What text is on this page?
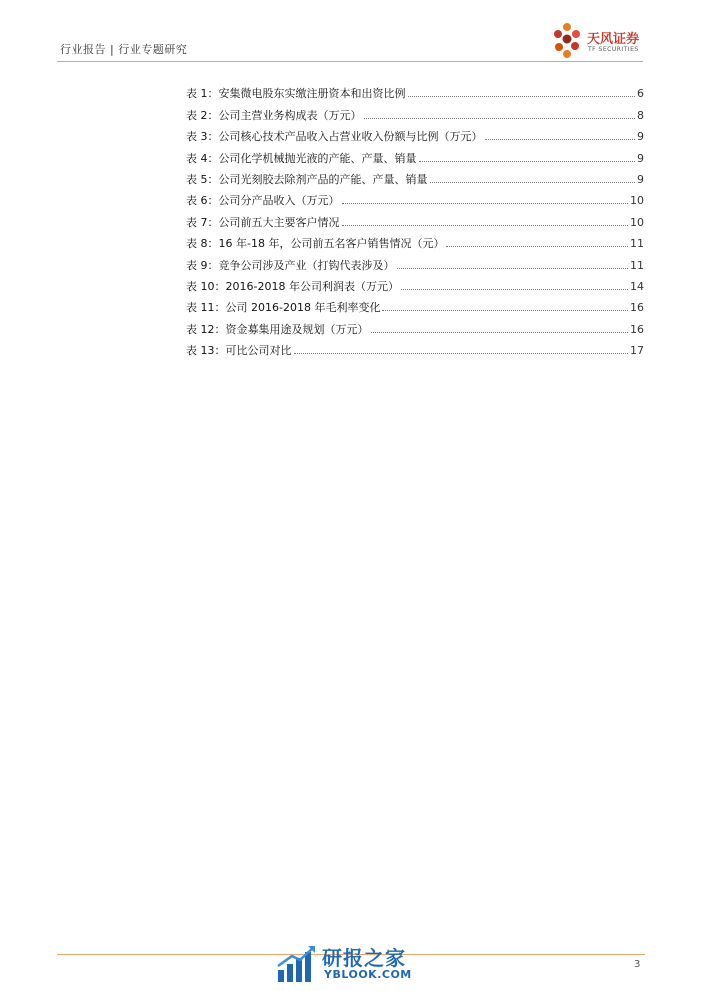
行业报告 | 行业专题研究
天风证券
TF SECURITIES
表 1：安集微电股东实缴注册资本和出资比例	6
表 2：公司主营业务构成表（万元）	8
表 3：公司核心技术产品收入占营业收入份额与比例（万元）	9
表 4：公司化学机械抛光液的产能、产量、销量	9
表 5：公司光刻胶去除剂产品的产能、产量、销量	9
表 6：公司分产品收入（万元）	10
表 7：公司前五大主要客户情况	10
表 8：16 年-18 年，公司前五名客户销售情况（元）	11
表 9：竞争公司涉及产业（打钩代表涉及）	11
表 10：2016-2018 年公司利润表（万元）	14
表 11：公司 2016-2018 年毛利率变化	16
表 12：资金募集用途及规划（万元）	16
表 13：可比公司对比	17
3
研报之家
YBLOOK.COM
